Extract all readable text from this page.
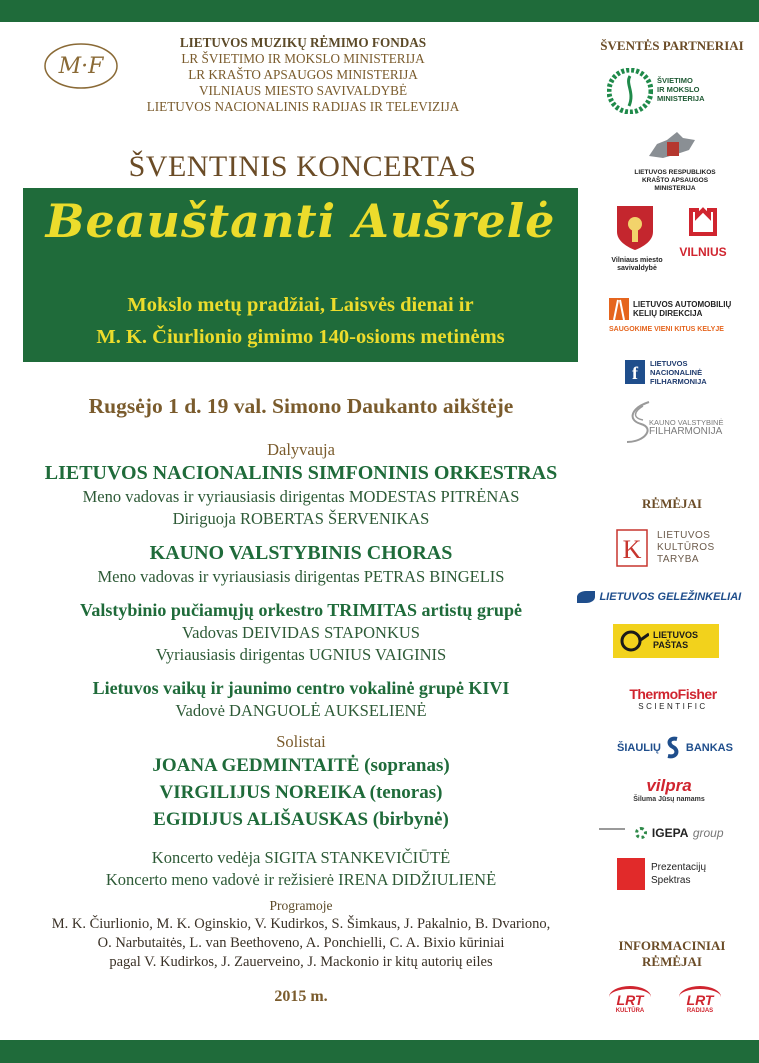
M·F
LIETUVOS MUZIKŲ RĖMIMO FONDAS
LR ŠVIETIMO IR MOKSLO MINISTERIJA
LR KRAŠTO APSAUGOS MINISTERIJA
VILNIAUS MIESTO SAVIVALDYBĖ
LIETUVOS NACIONALINIS RADIJAS IR TELEVIZIJA
ŠVENTINIS KONCERTAS
Beauštanti Aušrelė
Mokslo metų pradžiai, Laisvės dienai ir
M. K. Čiurlionio gimimo 140-osioms metinėms
Rugsėjo 1 d. 19 val. Simono Daukanto aikštėje
Dalyvauja
LIETUVOS NACIONALINIS SIMFONINIS ORKESTRAS
Meno vadovas ir vyriausiasis dirigentas MODESTAS PITRĖNAS
Diriguoja ROBERTAS ŠERVENIKAS
KAUNO VALSTYBINIS CHORAS
Meno vadovas ir vyriausiasis dirigentas PETRAS BINGELIS
Valstybinio pučiamųjų orkestro TRIMITAS artistų grupė
Vadovas DEIVIDAS STAPONKUS
Vyriausiasis dirigentas UGNIUS VAIGINIS
Lietuvos vaikų ir jaunimo centro vokalinė grupė KIVI
Vadovė DANGUOLĖ AUKSELIENĖ
Solistai
JOANA GEDMINTAITĖ (sopranas)
VIRGILIJUS NOREIKA (tenoras)
EGIDIJUS ALIŠAUSKAS (birbynė)
Koncerto vedėja SIGITA STANKEVIČIŪTĖ
Koncerto meno vadovė ir režisierė IRENA DIDŽIULIENĖ
Programoje
M. K. Čiurlionio, M. K. Oginskio, V. Kudirkos, S. Šimkaus, J. Pakalnio, B. Dvariono,
O. Narbutaitės, L. van Beethoveno, A. Ponchielli, C. A. Bixio kūriniai
pagal V. Kudirkos, J. Zauerveino, J. Mackonio ir kitų autorių eiles
2015 m.
ŠVENTĖS PARTNERIAI
ŠVIETIMO
IR MOKSLO
MINISTERIJA
LIETUVOS RESPUBLIKOS
KRAŠTO APSAUGOS MINISTERIJA
Vilniaus miesto
savivaldybė
VILNIUS
LIETUVOS AUTOMOBILIŲ
KELIŲ DIREKCIJA
SAUGOKIME VIENI KITUS KELYJE
f LIETUVOS
NACIONALINĖ
FILHARMONIJA
KAUNO VALSTYBINĖ
FILHARMONIJA
RĖMĖJAI
K LIETUVOS
KULTŪROS
TARYBA
LIETUVOS GELEŽINKELIAI
LIETUVOS
PAŠTAS
ThermoFisher
SCIENTIFIC
ŠIAULIŲ BANKAS
vilpra
Šiluma Jūsų namams
IGEPA group
Prezentacijų
Spektras
INFORMACINIAI
RĖMĖJAI
LRT
KULTŪRA
LRT
RADIJAS
